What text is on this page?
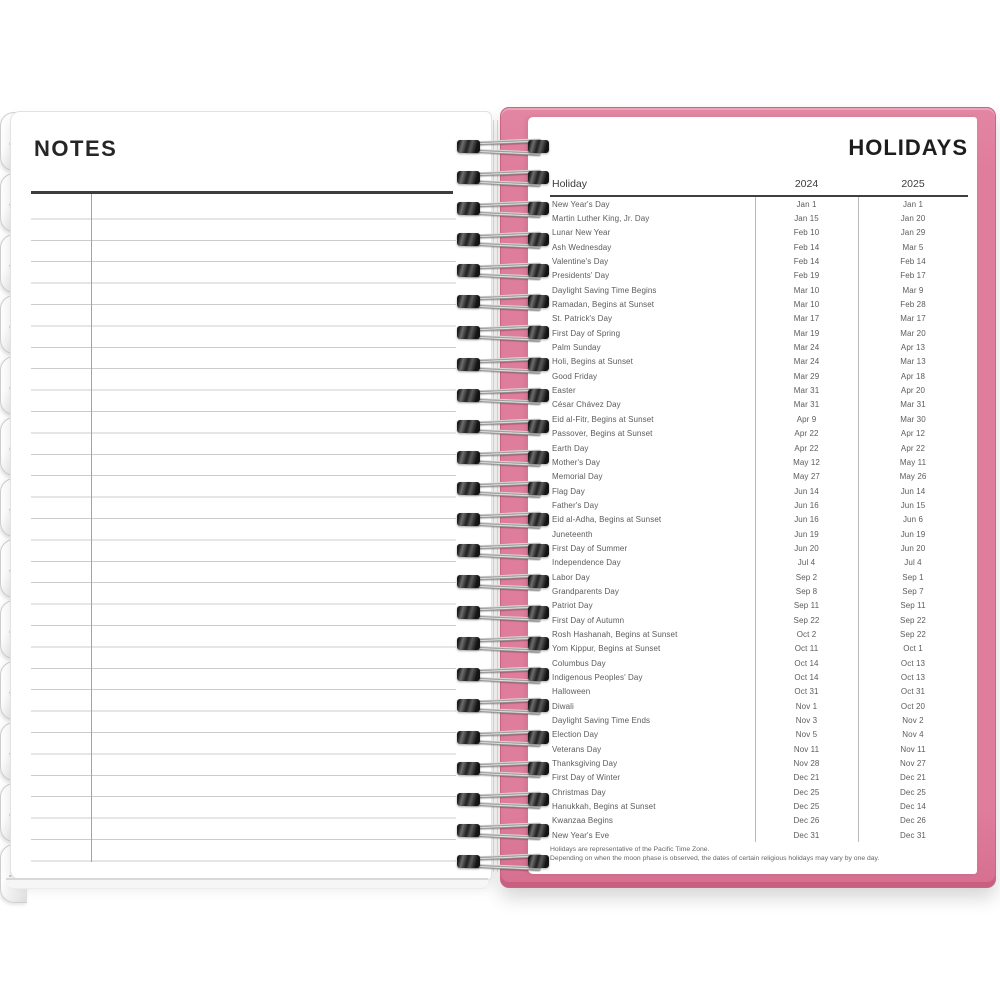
NOTES	HOLIDAYS
Holiday	2024	2025
New Year's Day	Jan 1	Jan 1
Martin Luther King, Jr. Day	Jan 15	Jan 20
Lunar New Year	Feb 10	Jan 29
Ash Wednesday	Feb 14	Mar 5
Valentine's Day	Feb 14	Feb 14
Presidents' Day	Feb 19	Feb 17
Daylight Saving Time Begins	Mar 10	Mar 9
Ramadan, Begins at Sunset	Mar 10	Feb 28
St. Patrick's Day	Mar 17	Mar 17
First Day of Spring	Mar 19	Mar 20
Palm Sunday	Mar 24	Apr 13
Holi, Begins at Sunset	Mar 24	Mar 13
Good Friday	Mar 29	Apr 18
Easter	Mar 31	Apr 20
César Chávez Day	Mar 31	Mar 31
Eid al-Fitr, Begins at Sunset	Apr 9	Mar 30
Passover, Begins at Sunset	Apr 22	Apr 12
Earth Day	Apr 22	Apr 22
Mother's Day	May 12	May 11
Memorial Day	May 27	May 26
Flag Day	Jun 14	Jun 14
Father's Day	Jun 16	Jun 15
Eid al-Adha, Begins at Sunset	Jun 16	Jun 6
Juneteenth	Jun 19	Jun 19
First Day of Summer	Jun 20	Jun 20
Independence Day	Jul 4	Jul 4
Labor Day	Sep 2	Sep 1
Grandparents Day	Sep 8	Sep 7
Patriot Day	Sep 11	Sep 11
First Day of Autumn	Sep 22	Sep 22
Rosh Hashanah, Begins at Sunset	Oct 2	Sep 22
Yom Kippur, Begins at Sunset	Oct 11	Oct 1
Columbus Day	Oct 14	Oct 13
Indigenous Peoples' Day	Oct 14	Oct 13
Halloween	Oct 31	Oct 31
Diwali	Nov 1	Oct 20
Daylight Saving Time Ends	Nov 3	Nov 2
Election Day	Nov 5	Nov 4
Veterans Day	Nov 11	Nov 11
Thanksgiving Day	Nov 28	Nov 27
First Day of Winter	Dec 21	Dec 21
Christmas Day	Dec 25	Dec 25
Hanukkah, Begins at Sunset	Dec 25	Dec 14
Kwanzaa Begins	Dec 26	Dec 26
New Year's Eve	Dec 31	Dec 31
Holidays are representative of the Pacific Time Zone.
Depending on when the moon phase is observed, the dates of certain religious holidays may vary by one day.
